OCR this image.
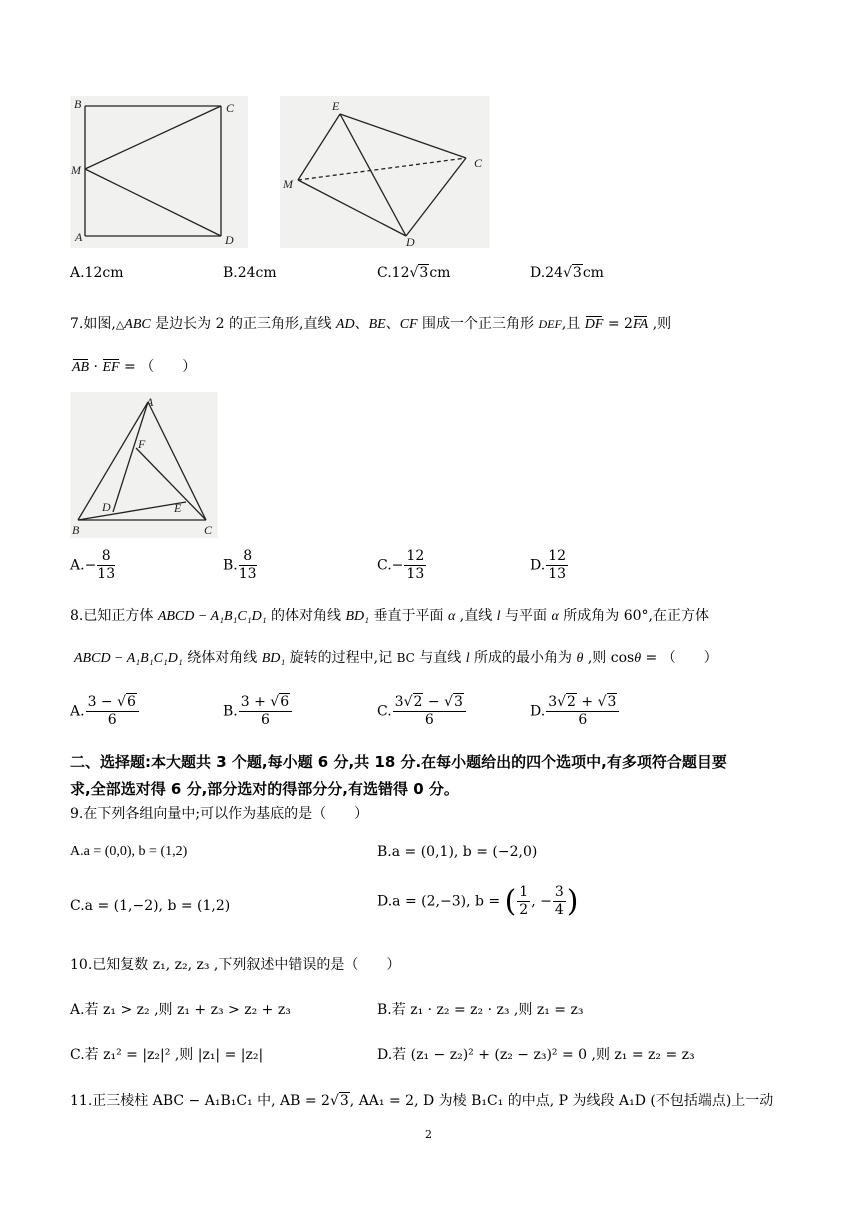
B	C
M
A	D
E
C
M
D
A.12cm	B.24cm	C.12√3cm	D.24√3cm
7.如图,△ABC 是边长为 2 的正三角形,直线 AD、BE、CF 围成一个正三角形 DEF,且 DF = 2FA ,则
AB · EF = （　　）
A
F
D	E
B	C
$A.- \frac{8}{13}$	B. $\frac{8}{13}$	$C.- \frac{12}{13}$	D. $\frac{12}{13}$
8.已知正方体 ABCD − A₁B₁C₁D₁ 的体对角线 BD₁ 垂直于平面 α ,直线 l 与平面 α 所成角为 60°,在正方体
ABCD − A₁B₁C₁D₁ 绕体对角线 BD₁ 旋转的过程中,记 BC 与直线 l 所成的最小角为 θ ,则 cosθ = （　　）
A. $\frac{3 - √6}{6}$	B. $\frac{3 + √6}{6}$	C. $\frac{3√2 - √3}{6}$	D. $\frac{3√2 + √3}{6}$
二、选择题:本大题共 3 个题,每小题 6 分,共 18 分.在每小题给出的四个选项中,有多项符合题目要
求,全部选对得 6 分,部分选对的得部分分,有选错得 0 分。
9.在下列各组向量中;可以作为基底的是（　　）
A.a = (0,0), b = (1,2)	B.a = (0,1), b = (−2,0)
C.a = (1,−2), b = (1,2)	D.a = (2,−3), b = ( $\frac{1}{2}$ , − $\frac{3}{4}$ )
10.已知复数 z₁, z₂, z₃ ,下列叙述中错误的是（　　）
A.若 z₁ > z₂ ,则 z₁ + z₃ > z₂ + z₃	B.若 z₁ · z₂ = z₂ · z₃ ,则 z₁ = z₃
C.若 z₁² = |z₂|² ,则 |z₁| = |z₂|	D.若 (z₁ − z₂)² + (z₂ − z₃)² = 0 ,则 z₁ = z₂ = z₃
11.正三棱柱 ABC − A₁B₁C₁ 中, AB = 2√3, AA₁ = 2, D 为棱 B₁C₁ 的中点, P 为线段 A₁D (不包括端点)上一动
2
